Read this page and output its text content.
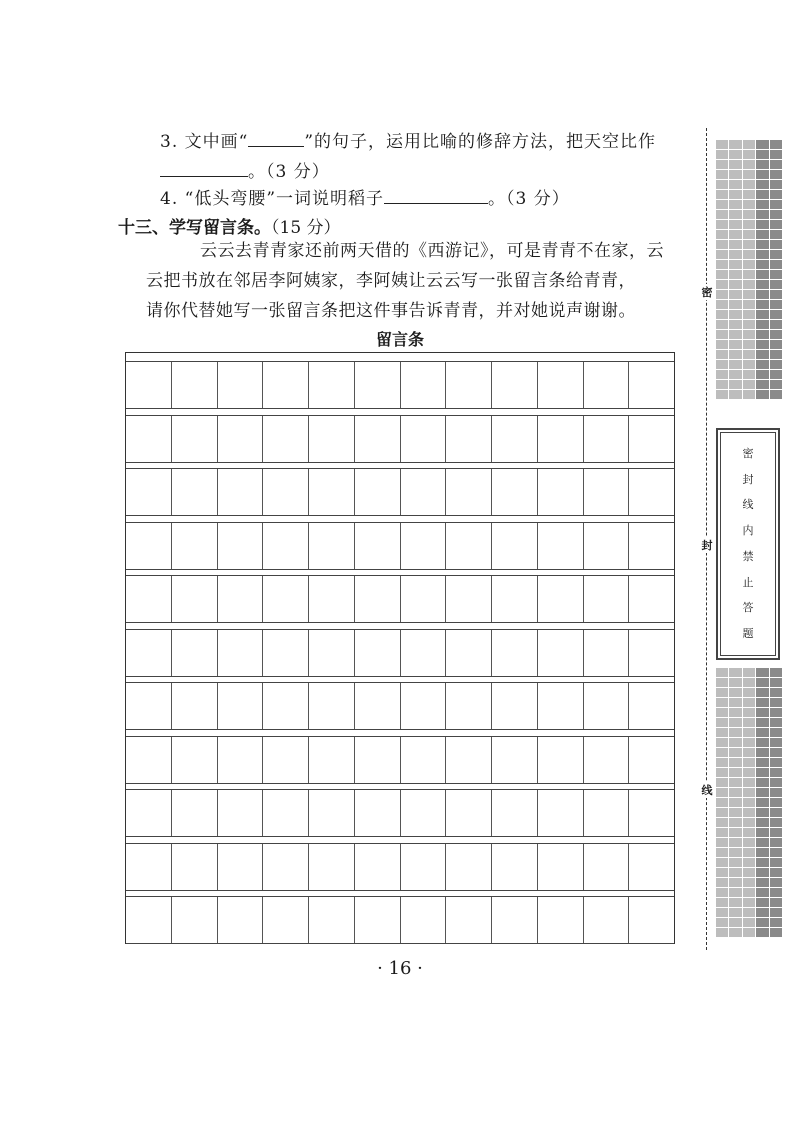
3. 文中画“	”的句子，运用比喻的修辞方法，把天空比作
。（3 分）
4. “低头弯腰”一词说明稻子	。（3 分）
十三、学写留言条。（15 分）
云云去青青家还前两天借的《西游记》，可是青青不在家，云
云把书放在邻居李阿姨家，李阿姨让云云写一张留言条给青青，
请你代替她写一张留言条把这件事告诉青青，并对她说声谢谢。
留言条
· 16 ·
密
密
封
线
内
禁
止
答
题
封
线
